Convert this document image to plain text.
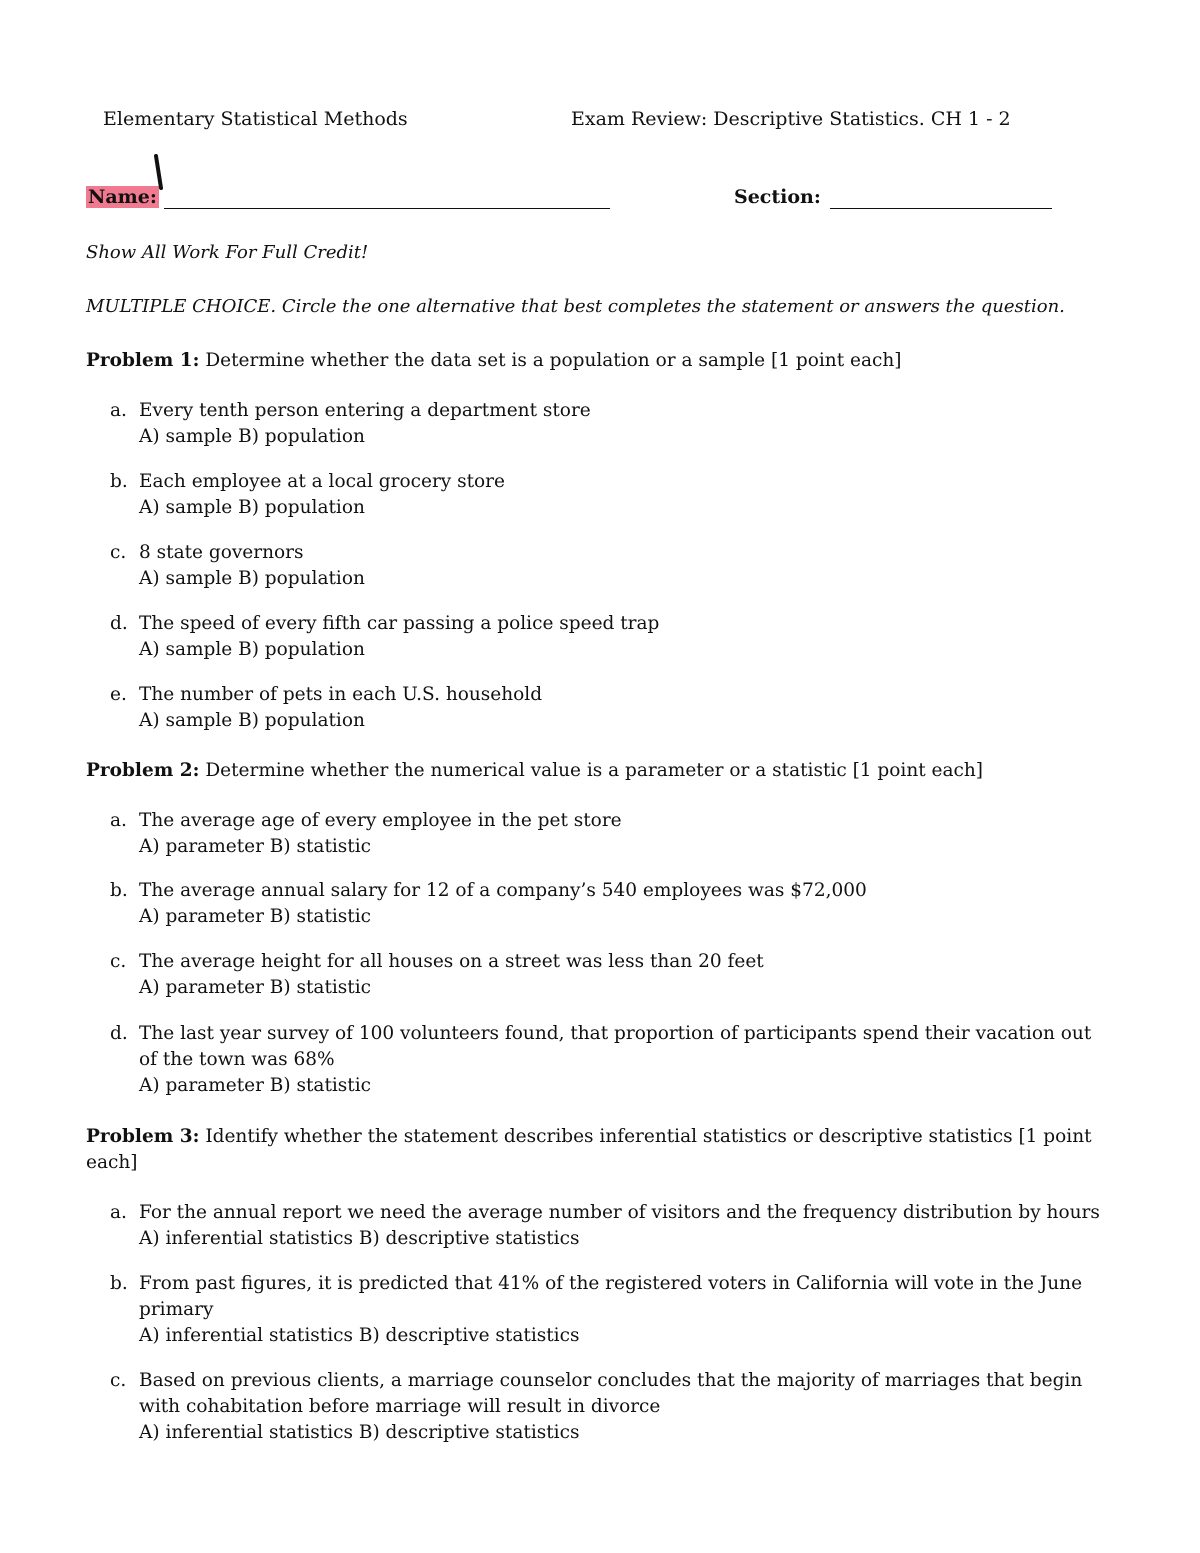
Elementary Statistical Methods	Exam Review: Descriptive Statistics. CH 1 - 2
Name:	Section:
Show All Work For Full Credit!
MULTIPLE CHOICE. Circle the one alternative that best completes the statement or answers the question.
Problem 1: Determine whether the data set is a population or a sample [1 point each]
a. Every tenth person entering a department store
A) sample B) population
b. Each employee at a local grocery store
A) sample B) population
c. 8 state governors
A) sample B) population
d. The speed of every fifth car passing a police speed trap
A) sample B) population
e. The number of pets in each U.S. household
A) sample B) population
Problem 2: Determine whether the numerical value is a parameter or a statistic [1 point each]
a. The average age of every employee in the pet store
A) parameter B) statistic
b. The average annual salary for 12 of a company’s 540 employees was $72,000
A) parameter B) statistic
c. The average height for all houses on a street was less than 20 feet
A) parameter B) statistic
d. The last year survey of 100 volunteers found, that proportion of participants spend their vacation out of the town was 68%
A) parameter B) statistic
Problem 3: Identify whether the statement describes inferential statistics or descriptive statistics [1 point each]
a. For the annual report we need the average number of visitors and the frequency distribution by hours
A) inferential statistics B) descriptive statistics
b. From past figures, it is predicted that 41% of the registered voters in California will vote in the June primary
A) inferential statistics B) descriptive statistics
c. Based on previous clients, a marriage counselor concludes that the majority of marriages that begin with cohabitation before marriage will result in divorce
A) inferential statistics B) descriptive statistics
